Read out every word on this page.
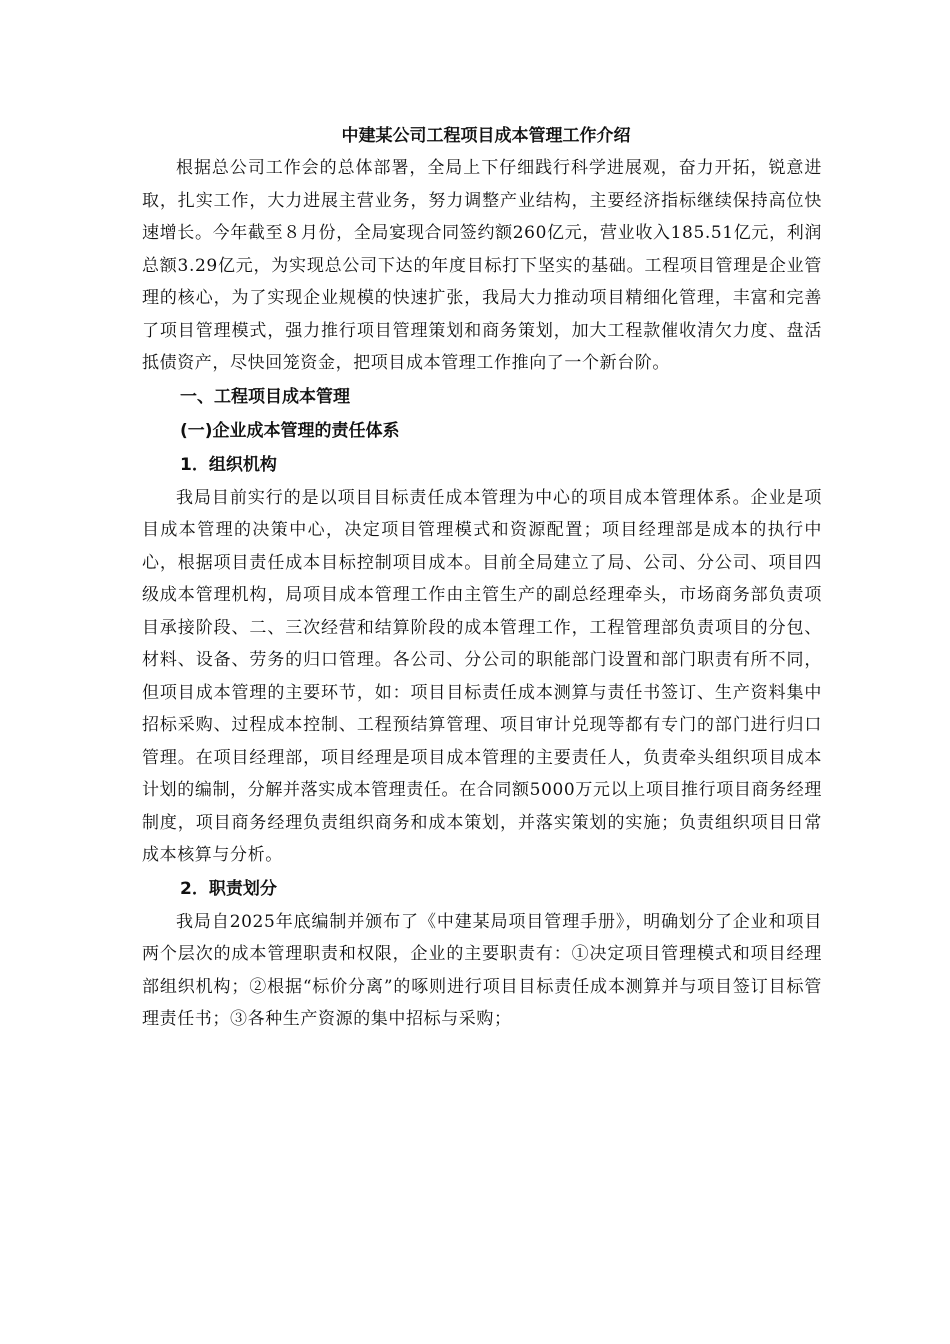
中建某公司工程项目成本管理工作介绍

根据总公司工作会的总体部署，全局上下仔细践行科学进展观，奋力开拓，锐意进取，扎实工作，大力进展主营业务，努力调整产业结构，主要经济指标继续保持高位快速增长。今年截至８月份，全局宴现合同签约额260亿元，营业收入185.51亿元，利润总额3.29亿元，为实现总公司下达的年度目标打下坚实的基础。工程项目管理是企业管理的核心，为了实现企业规模的快速扩张，我局大力推动项目精细化管理，丰富和完善了项目管理模式，强力推行项目管理策划和商务策划，加大工程款催收清欠力度、盘活抵债资产，尽快回笼资金，把项目成本管理工作推向了一个新台阶。

一、工程项目成本管理
(一)企业成本管理的责任体系
1．组织机构

我局目前实行的是以项目目标责任成本管理为中心的项目成本管理体系。企业是项目成本管理的决策中心，决定项目管理模式和资源配置；项目经理部是成本的执行中心，根据项目责任成本目标控制项目成本。目前全局建立了局、公司、分公司、项目四级成本管理机构，局项目成本管理工作由主管生产的副总经理牵头，市场商务部负责项目承接阶段、二、三次经营和结算阶段的成本管理工作，工程管理部负责项目的分包、材料、设备、劳务的归口管理。各公司、分公司的职能部门设置和部门职责有所不同，但项目成本管理的主要环节，如：项目目标责任成本测算与责任书签订、生产资料集中招标采购、过程成本控制、工程预结算管理、项目审计兑现等都有专门的部门进行归口管理。在项目经理部，项目经理是项目成本管理的主要责任人，负责牵头组织项目成本计划的编制，分解并落实成本管理责任。在合同额5000万元以上项目推行项目商务经理制度，项目商务经理负责组织商务和成本策划，并落实策划的实施；负责组织项目日常成本核算与分析。

2．职责划分

我局自2025年底编制并颁布了《中建某局项目管理手册》，明确划分了企业和项目两个层次的成本管理职责和权限，企业的主要职责有：①决定项目管理模式和项目经理部组织机构；②根据“标价分离”的啄则进行项目目标责任成本测算并与项目签订目标管理责任书；③各种生产资源的集中招标与采购；
